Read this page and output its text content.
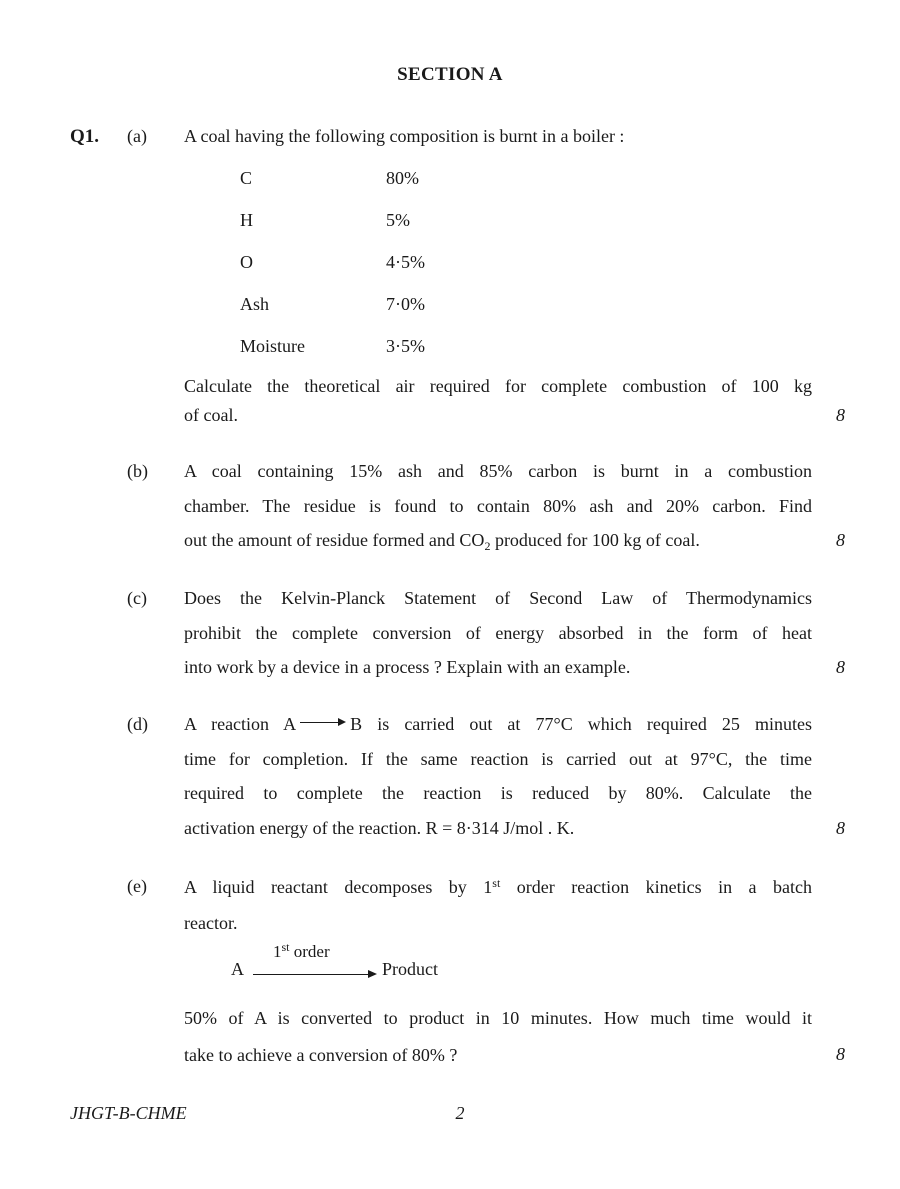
SECTION A
Q1. (a) A coal having the following composition is burnt in a boiler :
C	80%
H	5%
O	4·5%
Ash	7·0%
Moisture	3·5%
Calculate the theoretical air required for complete combustion of 100 kg
of coal.	8
(b) A coal containing 15% ash and 85% carbon is burnt in a combustion
chamber. The residue is found to contain 80% ash and 20% carbon. Find
out the amount of residue formed and $CO_2$ produced for 100 kg of coal.	8
(c) Does the Kelvin-Planck Statement of Second Law of Thermodynamics
prohibit the complete conversion of energy absorbed in the form of heat
into work by a device in a process ? Explain with an example.	8
(d) A reaction A	B is carried out at 77°C which required 25 minutes
time for completion. If the same reaction is carried out at 97°C, the time
required to complete the reaction is reduced by 80%. Calculate the
activation energy of the reaction. R = 8·314 J/mol . K.	8
(e) A liquid reactant decomposes by 1st order reaction kinetics in a batch
reactor.
A
1st order
Product
50% of A is converted to product in 10 minutes. How much time would it
take to achieve a conversion of 80% ?	8
JHGT-B-CHME	2
